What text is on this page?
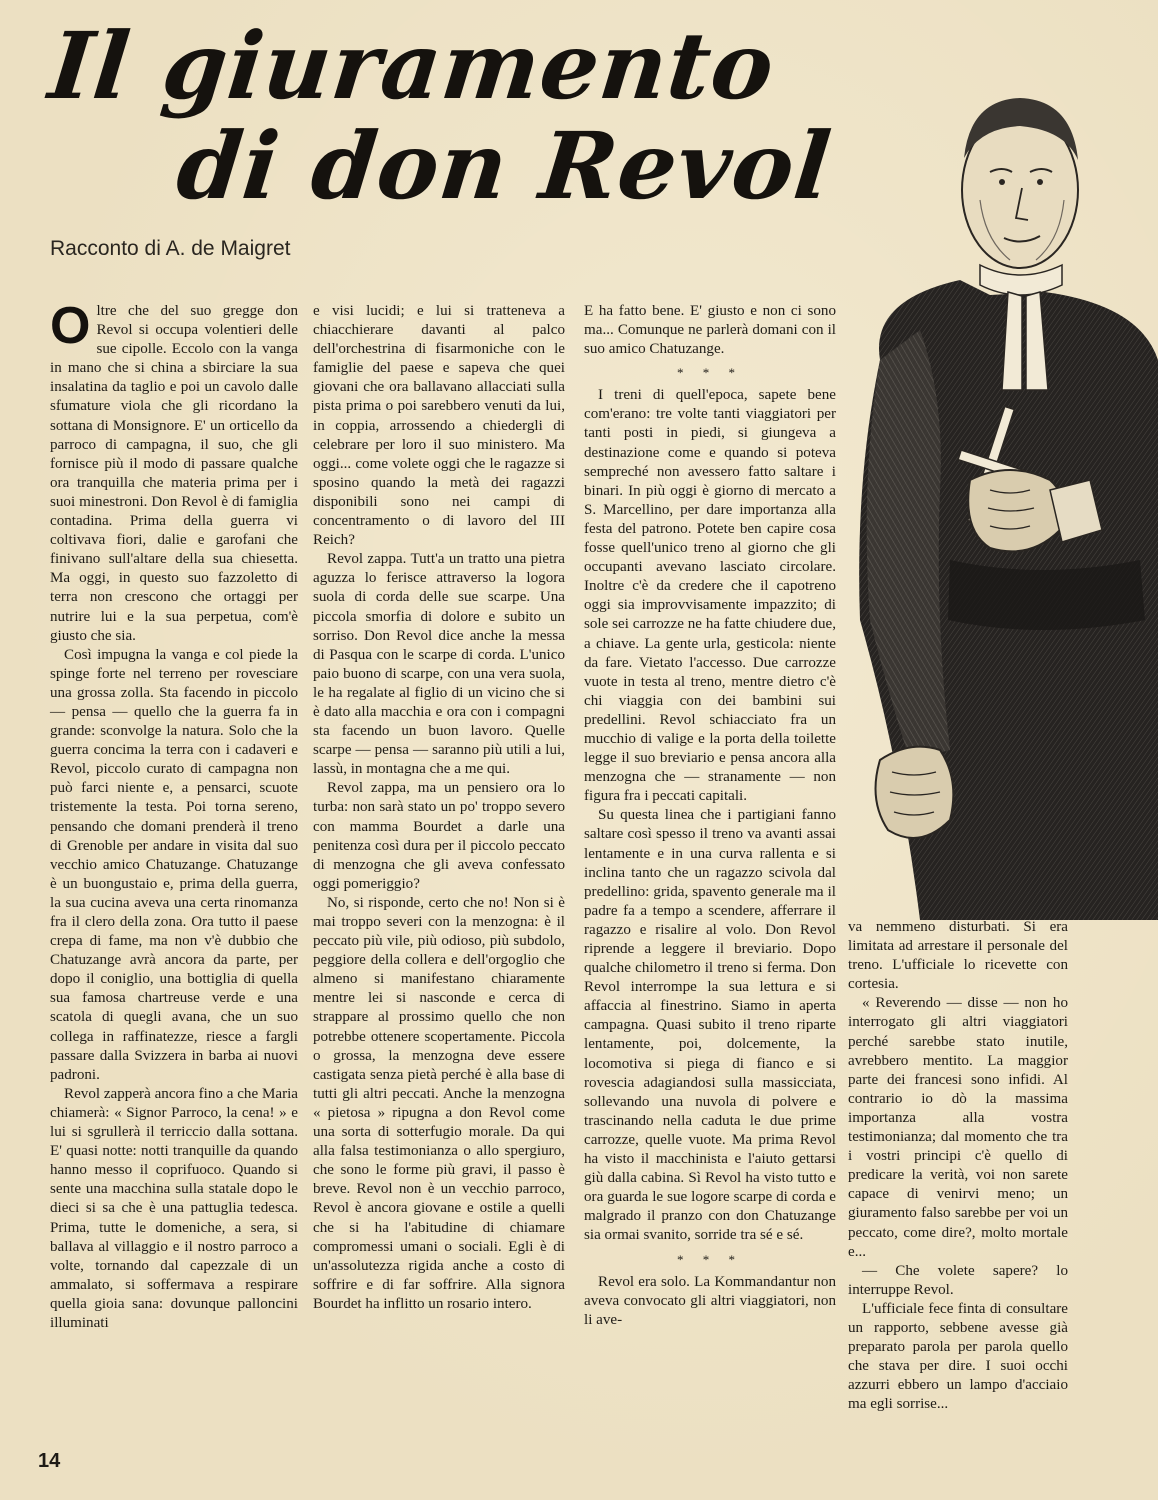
Il giuramento
di don Revol
Racconto di A. de Maigret

Oltre che del suo gregge don Revol si occupa volentieri delle sue cipolle. Eccolo con la vanga in mano che si china a sbirciare la sua insalatina da taglio e poi un cavolo dalle sfumature viola che gli ricordano la sottana di Monsignore. E' un orticello da parroco di campagna, il suo, che gli fornisce più il modo di passare qualche ora tranquilla che materia prima per i suoi minestroni. Don Revol è di famiglia contadina. Prima della guerra vi coltivava fiori, dalie e garofani che finivano sull'altare della sua chiesetta. Ma oggi, in questo suo fazzoletto di terra non crescono che ortaggi per nutrire lui e la sua perpetua, com'è giusto che sia.

Così impugna la vanga e col piede la spinge forte nel terreno per rovesciare una grossa zolla. Sta facendo in piccolo — pensa — quello che la guerra fa in grande: sconvolge la natura. Solo che la guerra concima la terra con i cadaveri e Revol, piccolo curato di campagna non può farci niente e, a pensarci, scuote tristemente la testa. Poi torna sereno, pensando che domani prenderà il treno di Grenoble per andare in visita dal suo vecchio amico Chatuzange. Chatuzange è un buongustaio e, prima della guerra, la sua cucina aveva una certa rinomanza fra il clero della zona. Ora tutto il paese crepa di fame, ma non v'è dubbio che Chatuzange avrà ancora da parte, per dopo il coniglio, una bottiglia di quella sua famosa chartreuse verde e una scatola di quegli avana, che un suo collega in raffinatezze, riesce a fargli passare dalla Svizzera in barba ai nuovi padroni.

Revol zapperà ancora fino a che Maria chiamerà: « Signor Parroco, la cena! » e lui si sgrullerà il terriccio dalla sottana. E' quasi notte: notti tranquille da quando hanno messo il coprifuoco. Quando si sente una macchina sulla statale dopo le dieci si sa che è una pattuglia tedesca. Prima, tutte le domeniche, a sera, si ballava al villaggio e il nostro parroco a volte, tornando dal capezzale di un ammalato, si soffermava a respirare quella gioia sana: dovunque palloncini illuminati

e visi lucidi; e lui si tratteneva a chiacchierare davanti al palco dell'orchestrina di fisarmoniche con le famiglie del paese e sapeva che quei giovani che ora ballavano allacciati sulla pista prima o poi sarebbero venuti da lui, in coppia, arrossendo a chiedergli di celebrare per loro il suo ministero. Ma oggi... come volete oggi che le ragazze si sposino quando la metà dei ragazzi disponibili sono nei campi di concentramento o di lavoro del III Reich?

Revol zappa. Tutt'a un tratto una pietra aguzza lo ferisce attraverso la logora suola di corda delle sue scarpe. Una piccola smorfia di dolore e subito un sorriso. Don Revol dice anche la messa di Pasqua con le scarpe di corda. L'unico paio buono di scarpe, con una vera suola, le ha regalate al figlio di un vicino che si è dato alla macchia e ora con i compagni sta facendo un buon lavoro. Quelle scarpe — pensa — saranno più utili a lui, lassù, in montagna che a me qui.

Revol zappa, ma un pensiero ora lo turba: non sarà stato un po' troppo severo con mamma Bourdet a darle una penitenza così dura per il piccolo peccato di menzogna che gli aveva confessato oggi pomeriggio?

No, si risponde, certo che no! Non si è mai troppo severi con la menzogna: è il peccato più vile, più odioso, più subdolo, peggiore della collera e dell'orgoglio che almeno si manifestano chiaramente mentre lei si nasconde e cerca di strappare al prossimo quello che non potrebbe ottenere scopertamente. Piccola o grossa, la menzogna deve essere castigata senza pietà perché è alla base di tutti gli altri peccati. Anche la menzogna « pietosa » ripugna a don Revol come una sorta di sotterfugio morale. Da qui alla falsa testimonianza o allo spergiuro, che sono le forme più gravi, il passo è breve. Revol non è un vecchio parroco, Revol è ancora giovane e ostile a quelli che si ha l'abitudine di chiamare compromessi umani o sociali. Egli è di un'assolutezza rigida anche a costo di soffrire e di far soffrire. Alla signora Bourdet ha inflitto un rosario intero.

E ha fatto bene. E' giusto e non ci sono ma... Comunque ne parlerà domani con il suo amico Chatuzange.

* * *

I treni di quell'epoca, sapete bene com'erano: tre volte tanti viaggiatori per tanti posti in piedi, si giungeva a destinazione come e quando si poteva sempreché non avessero fatto saltare i binari. In più oggi è giorno di mercato a S. Marcellino, per dare importanza alla festa del patrono. Potete ben capire cosa fosse quell'unico treno al giorno che gli occupanti avevano lasciato circolare. Inoltre c'è da credere che il capotreno oggi sia improvvisamente impazzito; di sole sei carrozze ne ha fatte chiudere due, a chiave. La gente urla, gesticola: niente da fare. Vietato l'accesso. Due carrozze vuote in testa al treno, mentre dietro c'è chi viaggia con dei bambini sui predellini. Revol schiacciato fra un mucchio di valige e la porta della toilette legge il suo breviario e pensa ancora alla menzogna che — stranamente — non figura fra i peccati capitali.

Su questa linea che i partigiani fanno saltare così spesso il treno va avanti assai lentamente e in una curva rallenta e si inclina tanto che un ragazzo scivola dal predellino: grida, spavento generale ma il padre fa a tempo a scendere, afferrare il ragazzo e risalire al volo. Don Revol riprende a leggere il breviario. Dopo qualche chilometro il treno si ferma. Don Revol interrompe la sua lettura e si affaccia al finestrino. Siamo in aperta campagna. Quasi subito il treno riparte lentamente, poi, dolcemente, la locomotiva si piega di fianco e si rovescia adagiandosi sulla massicciata, sollevando una nuvola di polvere e trascinando nella caduta le due prime carrozze, quelle vuote. Ma prima Revol ha visto il macchinista e l'aiuto gettarsi giù dalla cabina. Sì Revol ha visto tutto e ora guarda le sue logore scarpe di corda e malgrado il pranzo con don Chatuzange sia ormai svanito, sorride tra sé e sé.

* * *

Revol era solo. La Kommandantur non aveva convocato gli altri viaggiatori, non li ave-

va nemmeno disturbati. Si era limitata ad arrestare il personale del treno. L'ufficiale lo ricevette con cortesia.

« Reverendo — disse — non ho interrogato gli altri viaggiatori perché sarebbe stato inutile, avrebbero mentito. La maggior parte dei francesi sono infidi. Al contrario io dò la massima importanza alla vostra testimonianza; dal momento che tra i vostri principi c'è quello di predicare la verità, voi non sarete capace di venirvi meno; un giuramento falso sarebbe per voi un peccato, come dire?, molto mortale e...

— Che volete sapere? lo interruppe Revol.

L'ufficiale fece finta di consultare un rapporto, sebbene avesse già preparato parola per parola quello che stava per dire. I suoi occhi azzurri ebbero un lampo d'acciaio ma egli sorrise...

14
